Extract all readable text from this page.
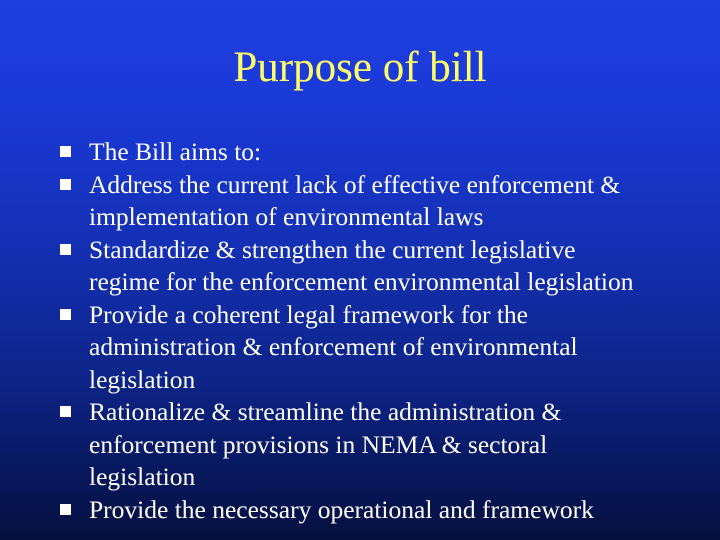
Purpose of bill
The Bill aims to:
Address the current lack of effective enforcement & implementation of environmental laws
Standardize & strengthen the current legislative regime for the enforcement environmental legislation
Provide a coherent legal framework for the administration & enforcement of environmental legislation
Rationalize & streamline the administration & enforcement provisions in NEMA & sectoral legislation
Provide the necessary operational and framework
